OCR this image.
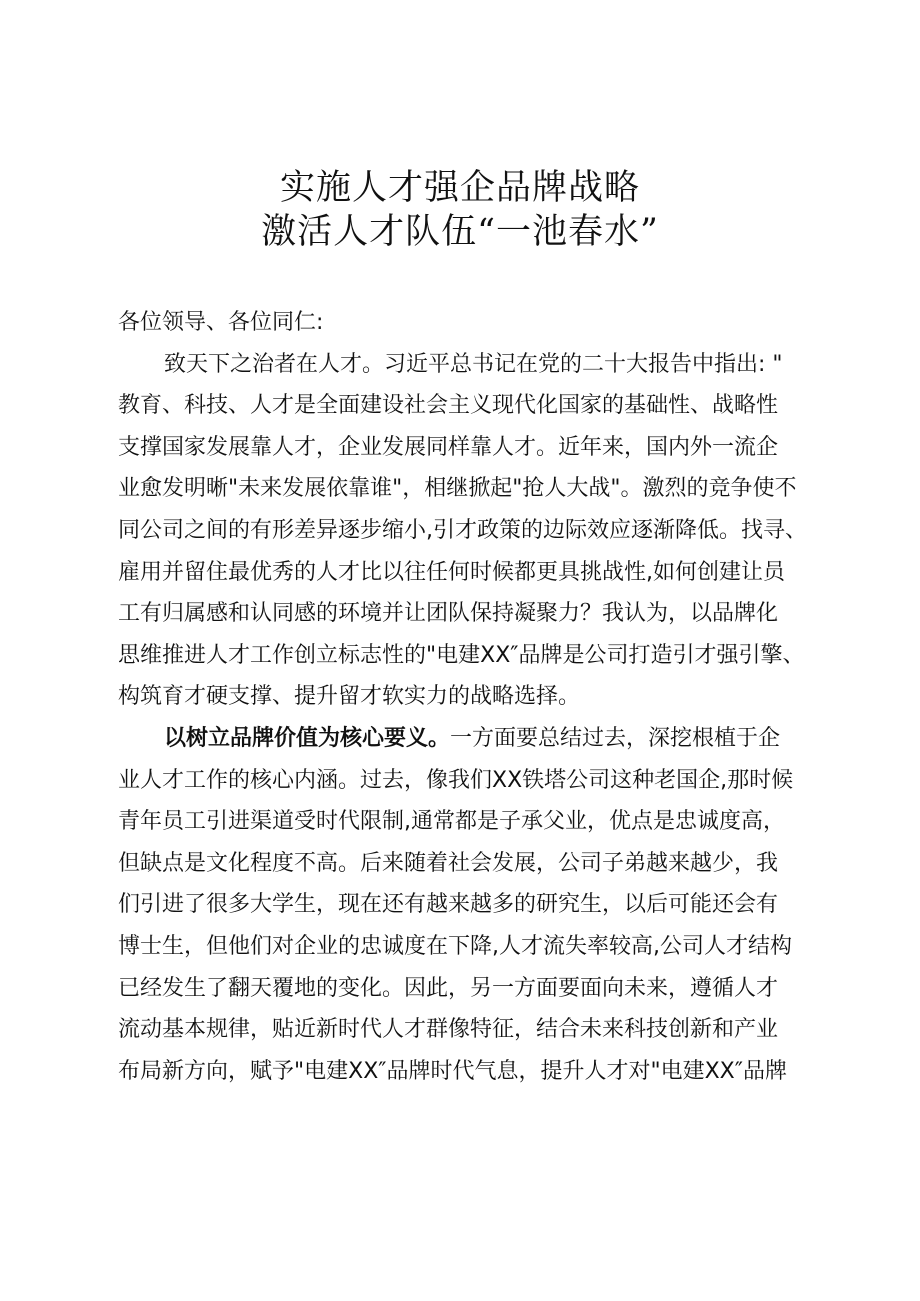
实施人才强企品牌战略
激活人才队伍“一池春水”
各位领导、各位同仁:
致天下之治者在人才。习近平总书记在党的二十大报告中指出: "
教育、科技、人才是全面建设社会主义现代化国家的基础性、战略性
支撑国家发展靠人才，企业发展同样靠人才。近年来，国内外一流企
业愈发明晰"未来发展依靠谁"，相继掀起"抢人大战"。激烈的竞争使不
同公司之间的有形差异逐步缩小,引才政策的边际效应逐渐降低。找寻、
雇用并留住最优秀的人才比以往任何时候都更具挑战性,如何创建让员
工有归属感和认同感的环境并让团队保持凝聚力？我认为，以品牌化
思维推进人才工作创立标志性的"电建XX″品牌是公司打造引才强引擎、
构筑育才硬支撑、提升留才软实力的战略选择。
以树立品牌价值为核心要义。一方面要总结过去，深挖根植于企
业人才工作的核心内涵。过去，像我们XX铁塔公司这种老国企,那时候
青年员工引进渠道受时代限制,通常都是子承父业，优点是忠诚度高，
但缺点是文化程度不高。后来随着社会发展，公司子弟越来越少，我
们引进了很多大学生，现在还有越来越多的研究生，以后可能还会有
博士生，但他们对企业的忠诚度在下降,人才流失率较高,公司人才结构
已经发生了翻天覆地的变化。因此，另一方面要面向未来，遵循人才
流动基本规律，贴近新时代人才群像特征，结合未来科技创新和产业
布局新方向，赋予"电建XX″品牌时代气息，提升人才对"电建XX″品牌
